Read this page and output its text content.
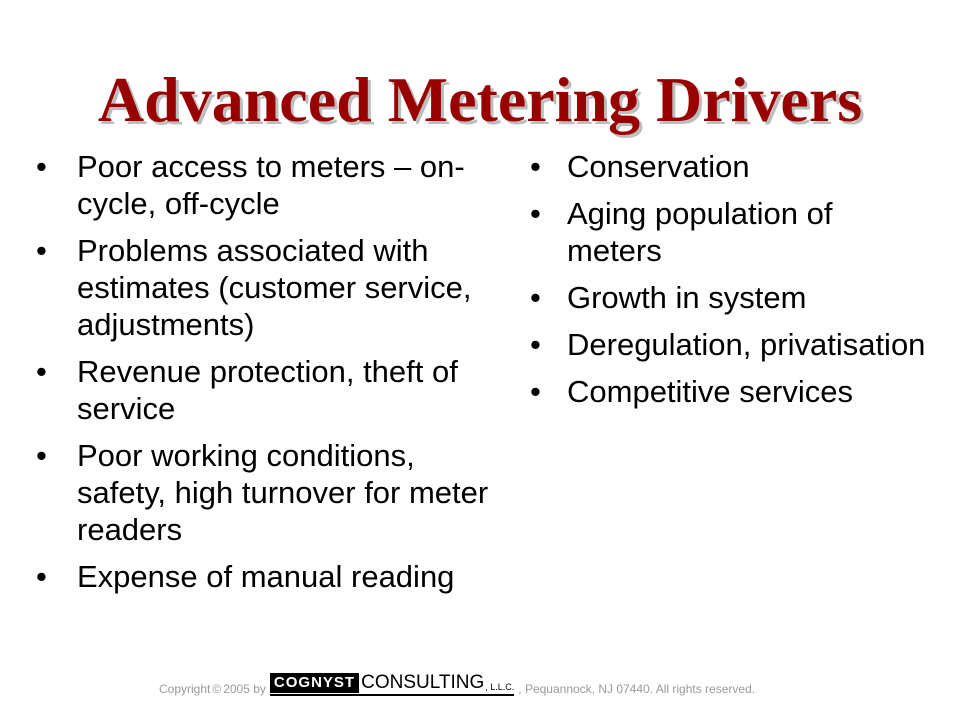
Advanced Metering Drivers
• Poor access to meters – on-cycle, off-cycle
• Problems associated with estimates (customer service, adjustments)
• Revenue protection, theft of service
• Poor working conditions, safety, high turnover for meter readers
• Expense of manual reading
• Conservation
• Aging population of meters
• Growth in system
• Deregulation, privatisation
• Competitive services
Copyright © 2005 by COGNYST CONSULTING , L.L.C. , Pequannock, NJ 07440. All rights reserved.
